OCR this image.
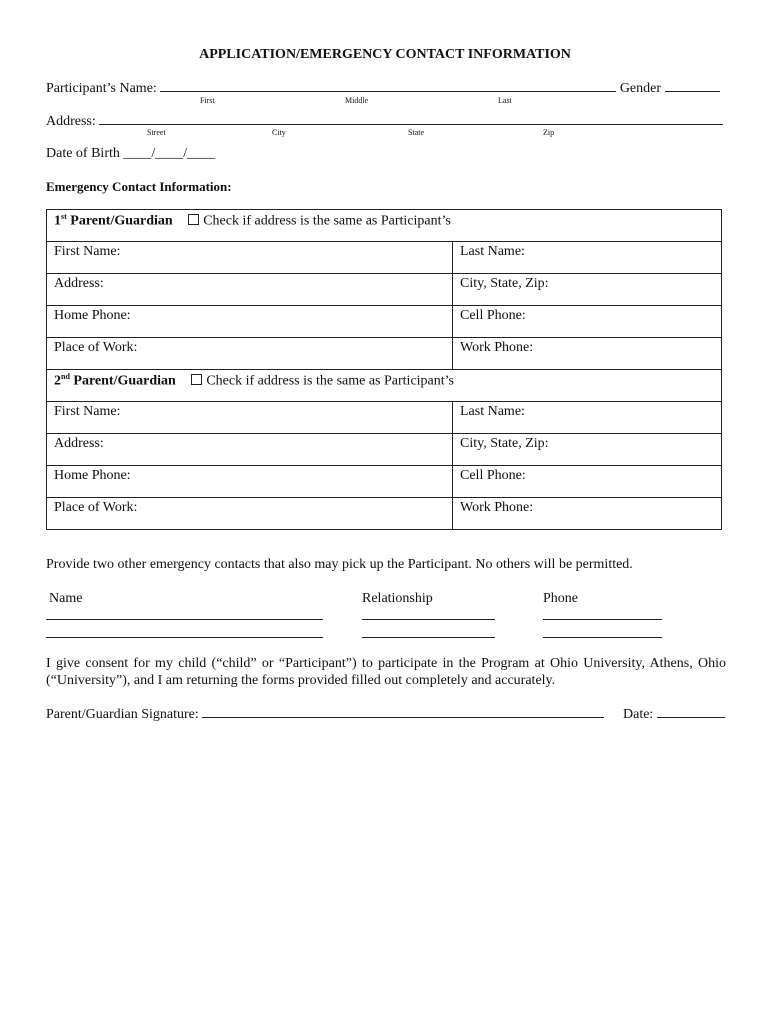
APPLICATION/EMERGENCY CONTACT INFORMATION
Participant’s Name:	Gender
First	Middle	Last
Address:
Street	City	State	Zip
Date of Birth ____/____/____
Emergency Contact Information:
1st Parent/Guardian Check if address is the same as Participant’s	
First Name:	Last Name:
Address:	City, State, Zip:
Home Phone:	Cell Phone:
Place of Work:	Work Phone:
2nd Parent/Guardian Check if address is the same as Participant’s	
First Name:	Last Name:
Address:	City, State, Zip:
Home Phone:	Cell Phone:
Place of Work:	Work Phone:
Provide two other emergency contacts that also may pick up the Participant. No others will be permitted.
Name	Relationship	Phone
I give consent for my child (“child” or “Participant”) to participate in the Program at Ohio University, Athens, Ohio (“University”), and I am returning the forms provided filled out completely and accurately.
Parent/Guardian Signature:	Date:
